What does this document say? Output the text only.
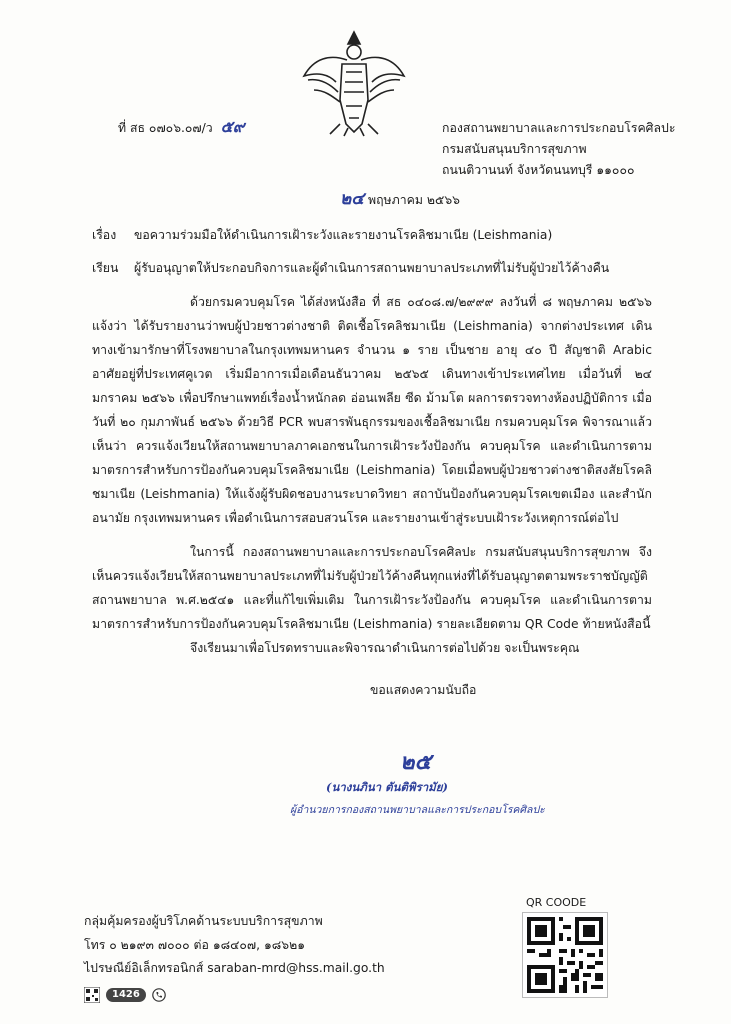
ที่ สธ ๐๗๐๖.๐๗/ว ๕๙	กองสถานพยาบาลและการประกอบโรคศิลปะ
กรมสนับสนุนบริการสุขภาพ
ถนนติวานนท์ จังหวัดนนทบุรี ๑๑๐๐๐
๒๔ พฤษภาคม ๒๕๖๖
เรื่อง ขอความร่วมมือให้ดำเนินการเฝ้าระวังและรายงานโรคลิชมาเนีย (Leishmania)
เรียน ผู้รับอนุญาตให้ประกอบกิจการและผู้ดำเนินการสถานพยาบาลประเภทที่ไม่รับผู้ป่วยไว้ค้างคืน
ด้วยกรมควบคุมโรค ได้ส่งหนังสือ ที่ สธ ๐๔๐๘.๗/๒๙๙๙ ลงวันที่ ๘ พฤษภาคม ๒๕๖๖ แจ้งว่า ได้รับรายงานว่าพบผู้ป่วยชาวต่างชาติ ติดเชื้อโรคลิชมาเนีย (Leishmania) จากต่างประเทศ เดินทางเข้ามารักษาที่โรงพยาบาลในกรุงเทพมหานคร จำนวน ๑ ราย เป็นชาย อายุ ๔๐ ปี สัญชาติ Arabic อาศัยอยู่ที่ประเทศคูเวต เริ่มมีอาการเมื่อเดือนธันวาคม ๒๕๖๕ เดินทางเข้าประเทศไทย เมื่อวันที่ ๒๔ มกราคม ๒๕๖๖ เพื่อปรึกษาแพทย์เรื่องน้ำหนักลด อ่อนเพลีย ซีด ม้ามโต ผลการตรวจทางห้องปฏิบัติการ เมื่อวันที่ ๒๐ กุมภาพันธ์ ๒๕๖๖ ด้วยวิธี PCR พบสารพันธุกรรมของเชื้อลิชมาเนีย กรมควบคุมโรค พิจารณาแล้วเห็นว่า ควรแจ้งเวียนให้สถานพยาบาลภาคเอกชนในการเฝ้าระวังป้องกัน ควบคุมโรค และดำเนินการตามมาตรการสำหรับการป้องกันควบคุมโรคลิชมาเนีย (Leishmania) โดยเมื่อพบผู้ป่วยชาวต่างชาติสงสัยโรคลิชมาเนีย (Leishmania) ให้แจ้งผู้รับผิดชอบงานระบาดวิทยา สถาบันป้องกันควบคุมโรคเขตเมือง และสำนักอนามัย กรุงเทพมหานคร เพื่อดำเนินการสอบสวนโรค และรายงานเข้าสู่ระบบเฝ้าระวังเหตุการณ์ต่อไป
ในการนี้ กองสถานพยาบาลและการประกอบโรคศิลปะ กรมสนับสนุนบริการสุขภาพ จึงเห็นควรแจ้งเวียนให้สถานพยาบาลประเภทที่ไม่รับผู้ป่วยไว้ค้างคืนทุกแห่งที่ได้รับอนุญาตตามพระราชบัญญัติสถานพยาบาล พ.ศ.๒๕๔๑ และที่แก้ไขเพิ่มเติม ในการเฝ้าระวังป้องกัน ควบคุมโรค และดำเนินการตามมาตรการสำหรับการป้องกันควบคุมโรคลิชมาเนีย (Leishmania) รายละเอียดตาม QR Code ท้ายหนังสือนี้
จึงเรียนมาเพื่อโปรดทราบและพิจารณาดำเนินการต่อไปด้วย จะเป็นพระคุณ
ขอแสดงความนับถือ
๒๕
(นางนภินา ตันติพิรามัย)
ผู้อำนวยการกองสถานพยาบาลและการประกอบโรคศิลปะ
QR COODE
กลุ่มคุ้มครองผู้บริโภคด้านระบบบริการสุขภาพ
โทร ๐ ๒๑๙๓ ๗๐๐๐ ต่อ ๑๘๔๐๗, ๑๘๖๒๑
ไปรษณีย์อิเล็กทรอนิกส์ saraban-mrd@hss.mail.go.th
1426
